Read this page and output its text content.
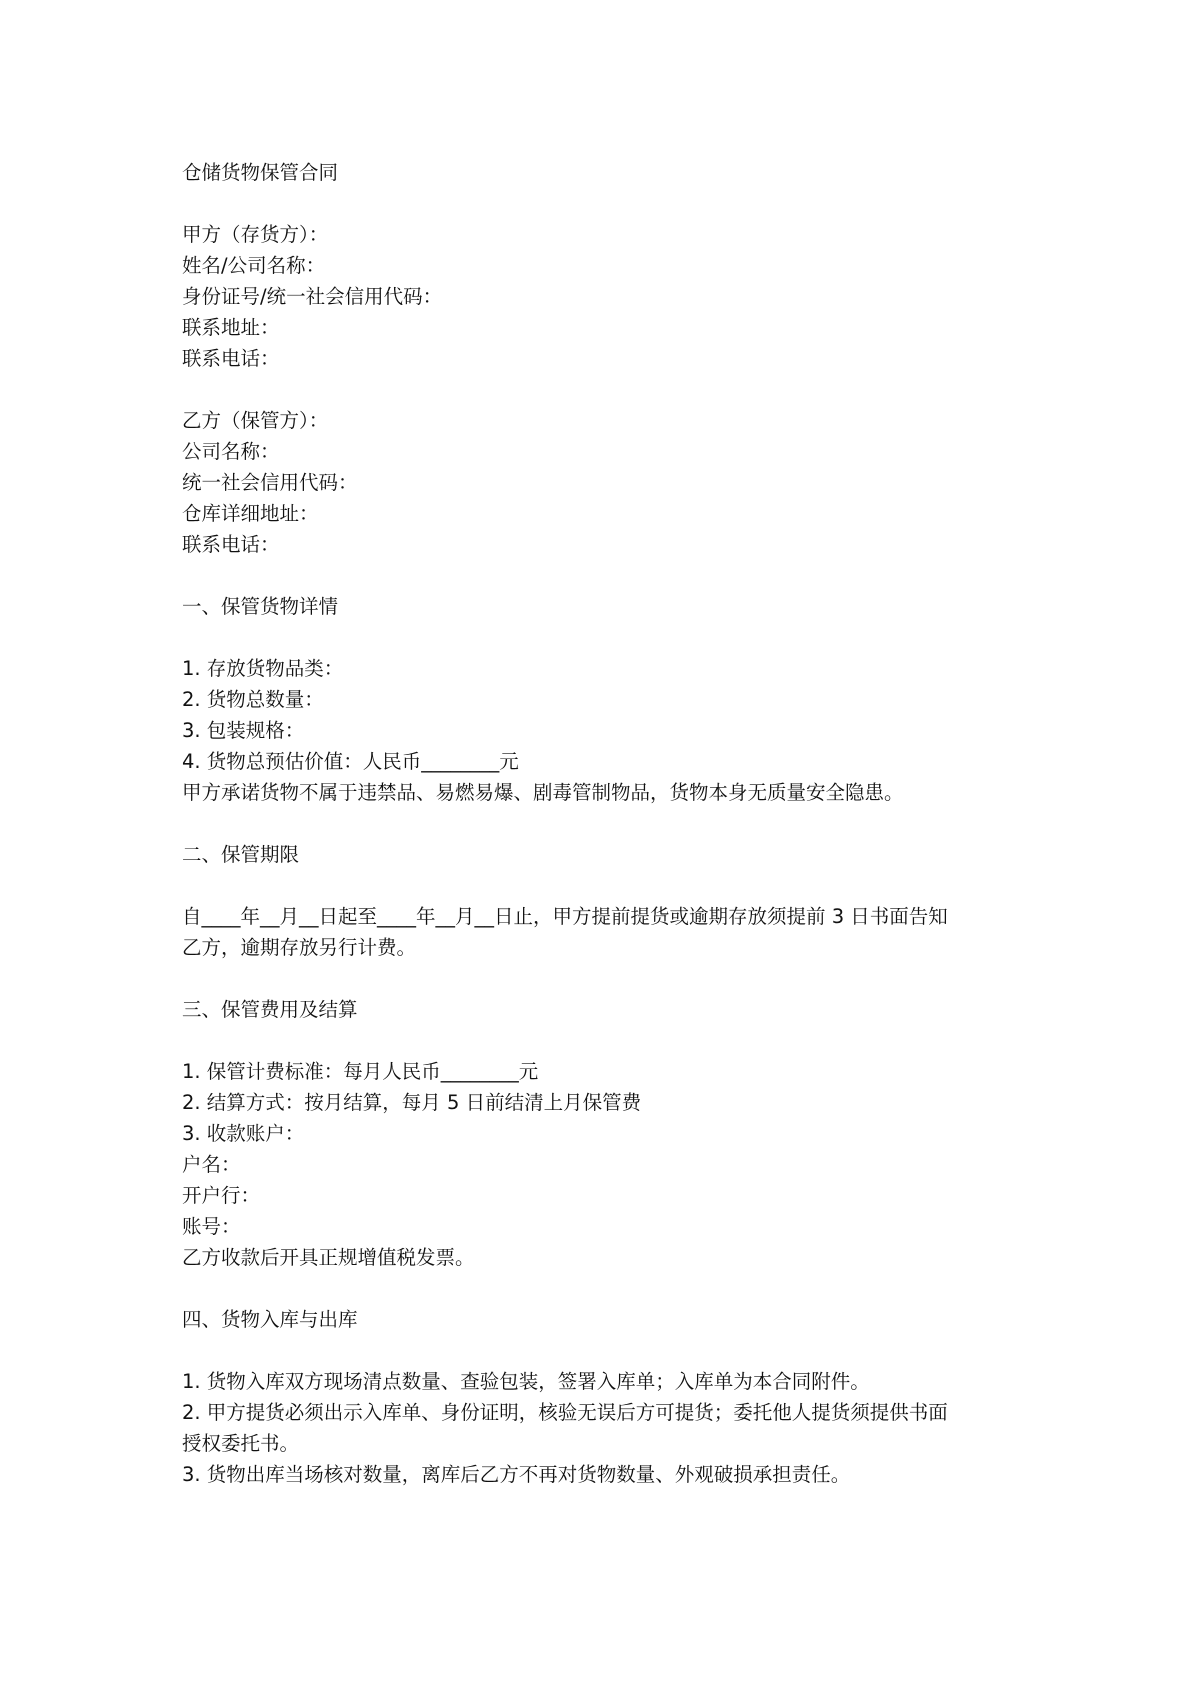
仓储货物保管合同
甲方（存货方）：
姓名/公司名称：
身份证号/统一社会信用代码：
联系地址：
联系电话：
乙方（保管方）：
公司名称：
统一社会信用代码：
仓库详细地址：
联系电话：
一、保管货物详情
1. 存放货物品类：
2. 货物总数量：
3. 包装规格：
4. 货物总预估价值：人民币________元
甲方承诺货物不属于违禁品、易燃易爆、剧毒管制物品，货物本身无质量安全隐患。
二、保管期限
自____年__月__日起至____年__月__日止，甲方提前提货或逾期存放须提前 3 日书面告知
乙方，逾期存放另行计费。
三、保管费用及结算
1. 保管计费标准：每月人民币________元
2. 结算方式：按月结算，每月 5 日前结清上月保管费
3. 收款账户：
户名：
开户行：
账号：
乙方收款后开具正规增值税发票。
四、货物入库与出库
1. 货物入库双方现场清点数量、查验包装，签署入库单；入库单为本合同附件。
2. 甲方提货必须出示入库单、身份证明，核验无误后方可提货；委托他人提货须提供书面
授权委托书。
3. 货物出库当场核对数量，离库后乙方不再对货物数量、外观破损承担责任。
